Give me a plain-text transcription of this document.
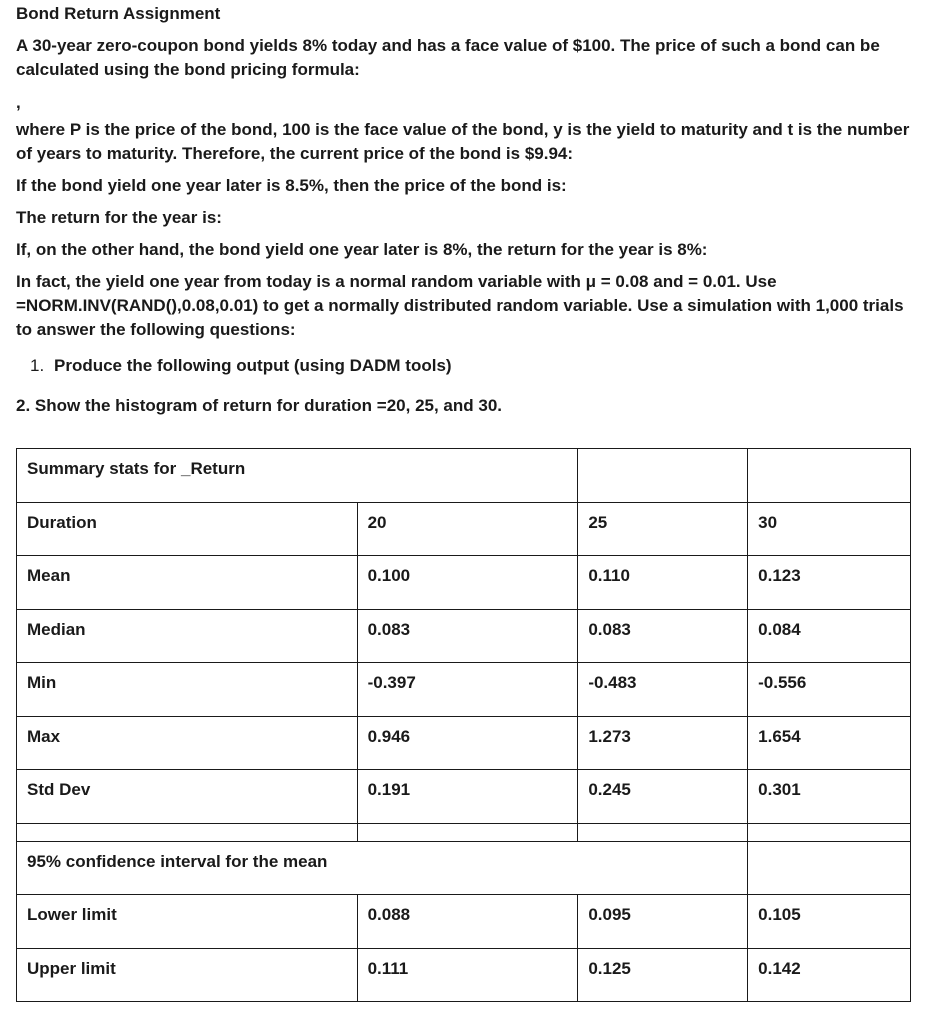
Bond Return Assignment

A 30-year zero-coupon bond yields 8% today and has a face value of $100. The price of such a bond can be calculated using the bond pricing formula:

,

where P is the price of the bond, 100 is the face value of the bond, y is the yield to maturity and t is the number of years to maturity. Therefore, the current price of the bond is $9.94:

If the bond yield one year later is 8.5%, then the price of the bond is:

The return for the year is:

If, on the other hand, the bond yield one year later is 8%, the return for the year is 8%:

In fact, the yield one year from today is a normal random variable with μ = 0.08 and = 0.01. Use =NORM.INV(RAND(),0.08,0.01) to get a normally distributed random variable. Use a simulation with 1,000 trials to answer the following questions:

1. Produce the following output (using DADM tools)

2. Show the histogram of return for duration =20, 25, and 30.

Summary stats for _Return			
Duration	20	25	30
Mean	0.100	0.110	0.123
Median	0.083	0.083	0.084
Min	-0.397	-0.483	-0.556
Max	0.946	1.273	1.654
Std Dev	0.191	0.245	0.301

95% confidence interval for the mean			
Lower limit	0.088	0.095	0.105
Upper limit	0.111	0.125	0.142
